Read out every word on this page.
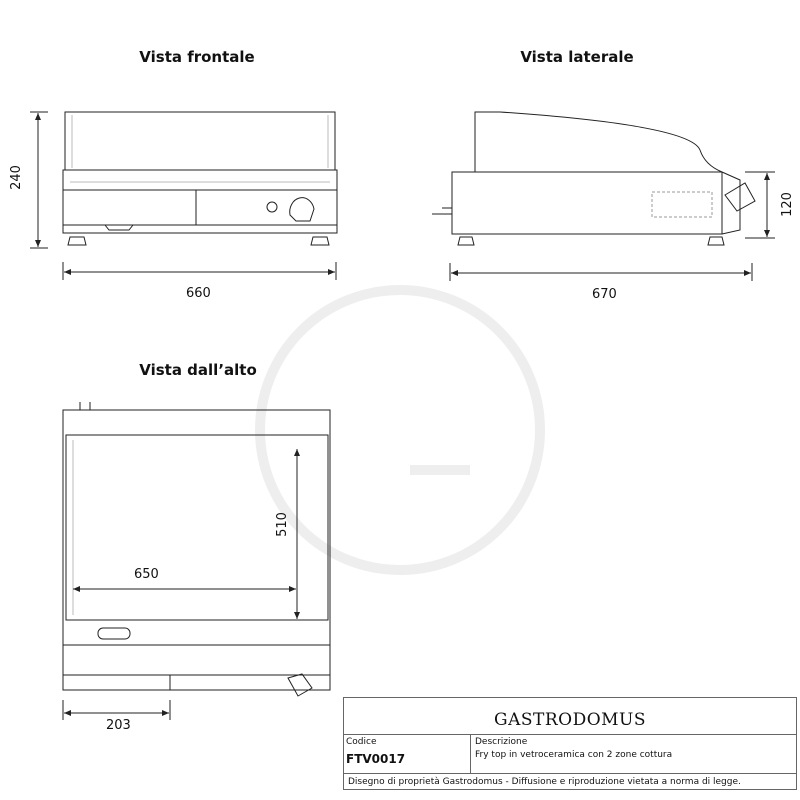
Vista frontale	Vista laterale
Vista dall’alto
240
660
120
670
510
650
203	GASTRODOMUS
Codice
FTV0017
Descrizione
Fry top in vetroceramica con 2 zone cottura
Disegno di proprietà Gastrodomus - Diffusione e riproduzione vietata a norma di legge.
